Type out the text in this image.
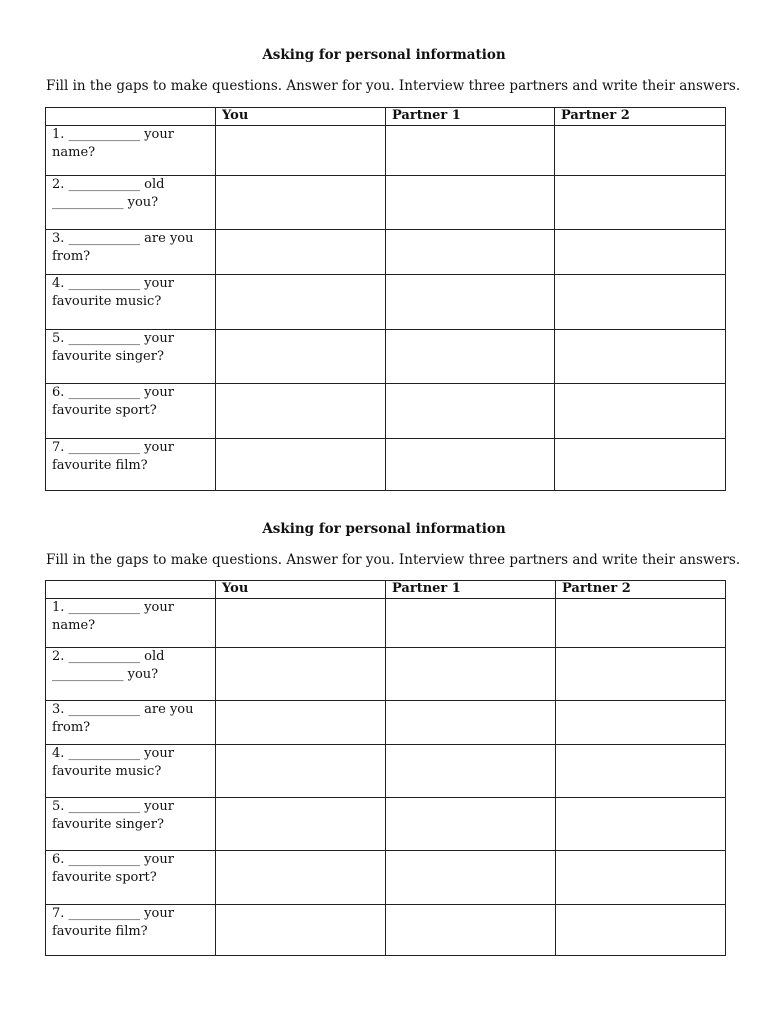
Asking for personal information
Fill in the gaps to make questions. Answer for you. Interview three partners and write their answers.
	You	Partner 1	Partner 2

1. ___________ your
name?			

2. ___________ old
___________ you?			

3. ___________ are you
from?			

4. ___________ your
favourite music?			

5. ___________ your
favourite singer?			

6. ___________ your
favourite sport?			

7. ___________ your
favourite film?			

Asking for personal information
Fill in the gaps to make questions. Answer for you. Interview three partners and write their answers.
	You	Partner 1	Partner 2

1. ___________ your
name?			

2. ___________ old
___________ you?			

3. ___________ are you
from?			

4. ___________ your
favourite music?			

5. ___________ your
favourite singer?			

6. ___________ your
favourite sport?			

7. ___________ your
favourite film?			
